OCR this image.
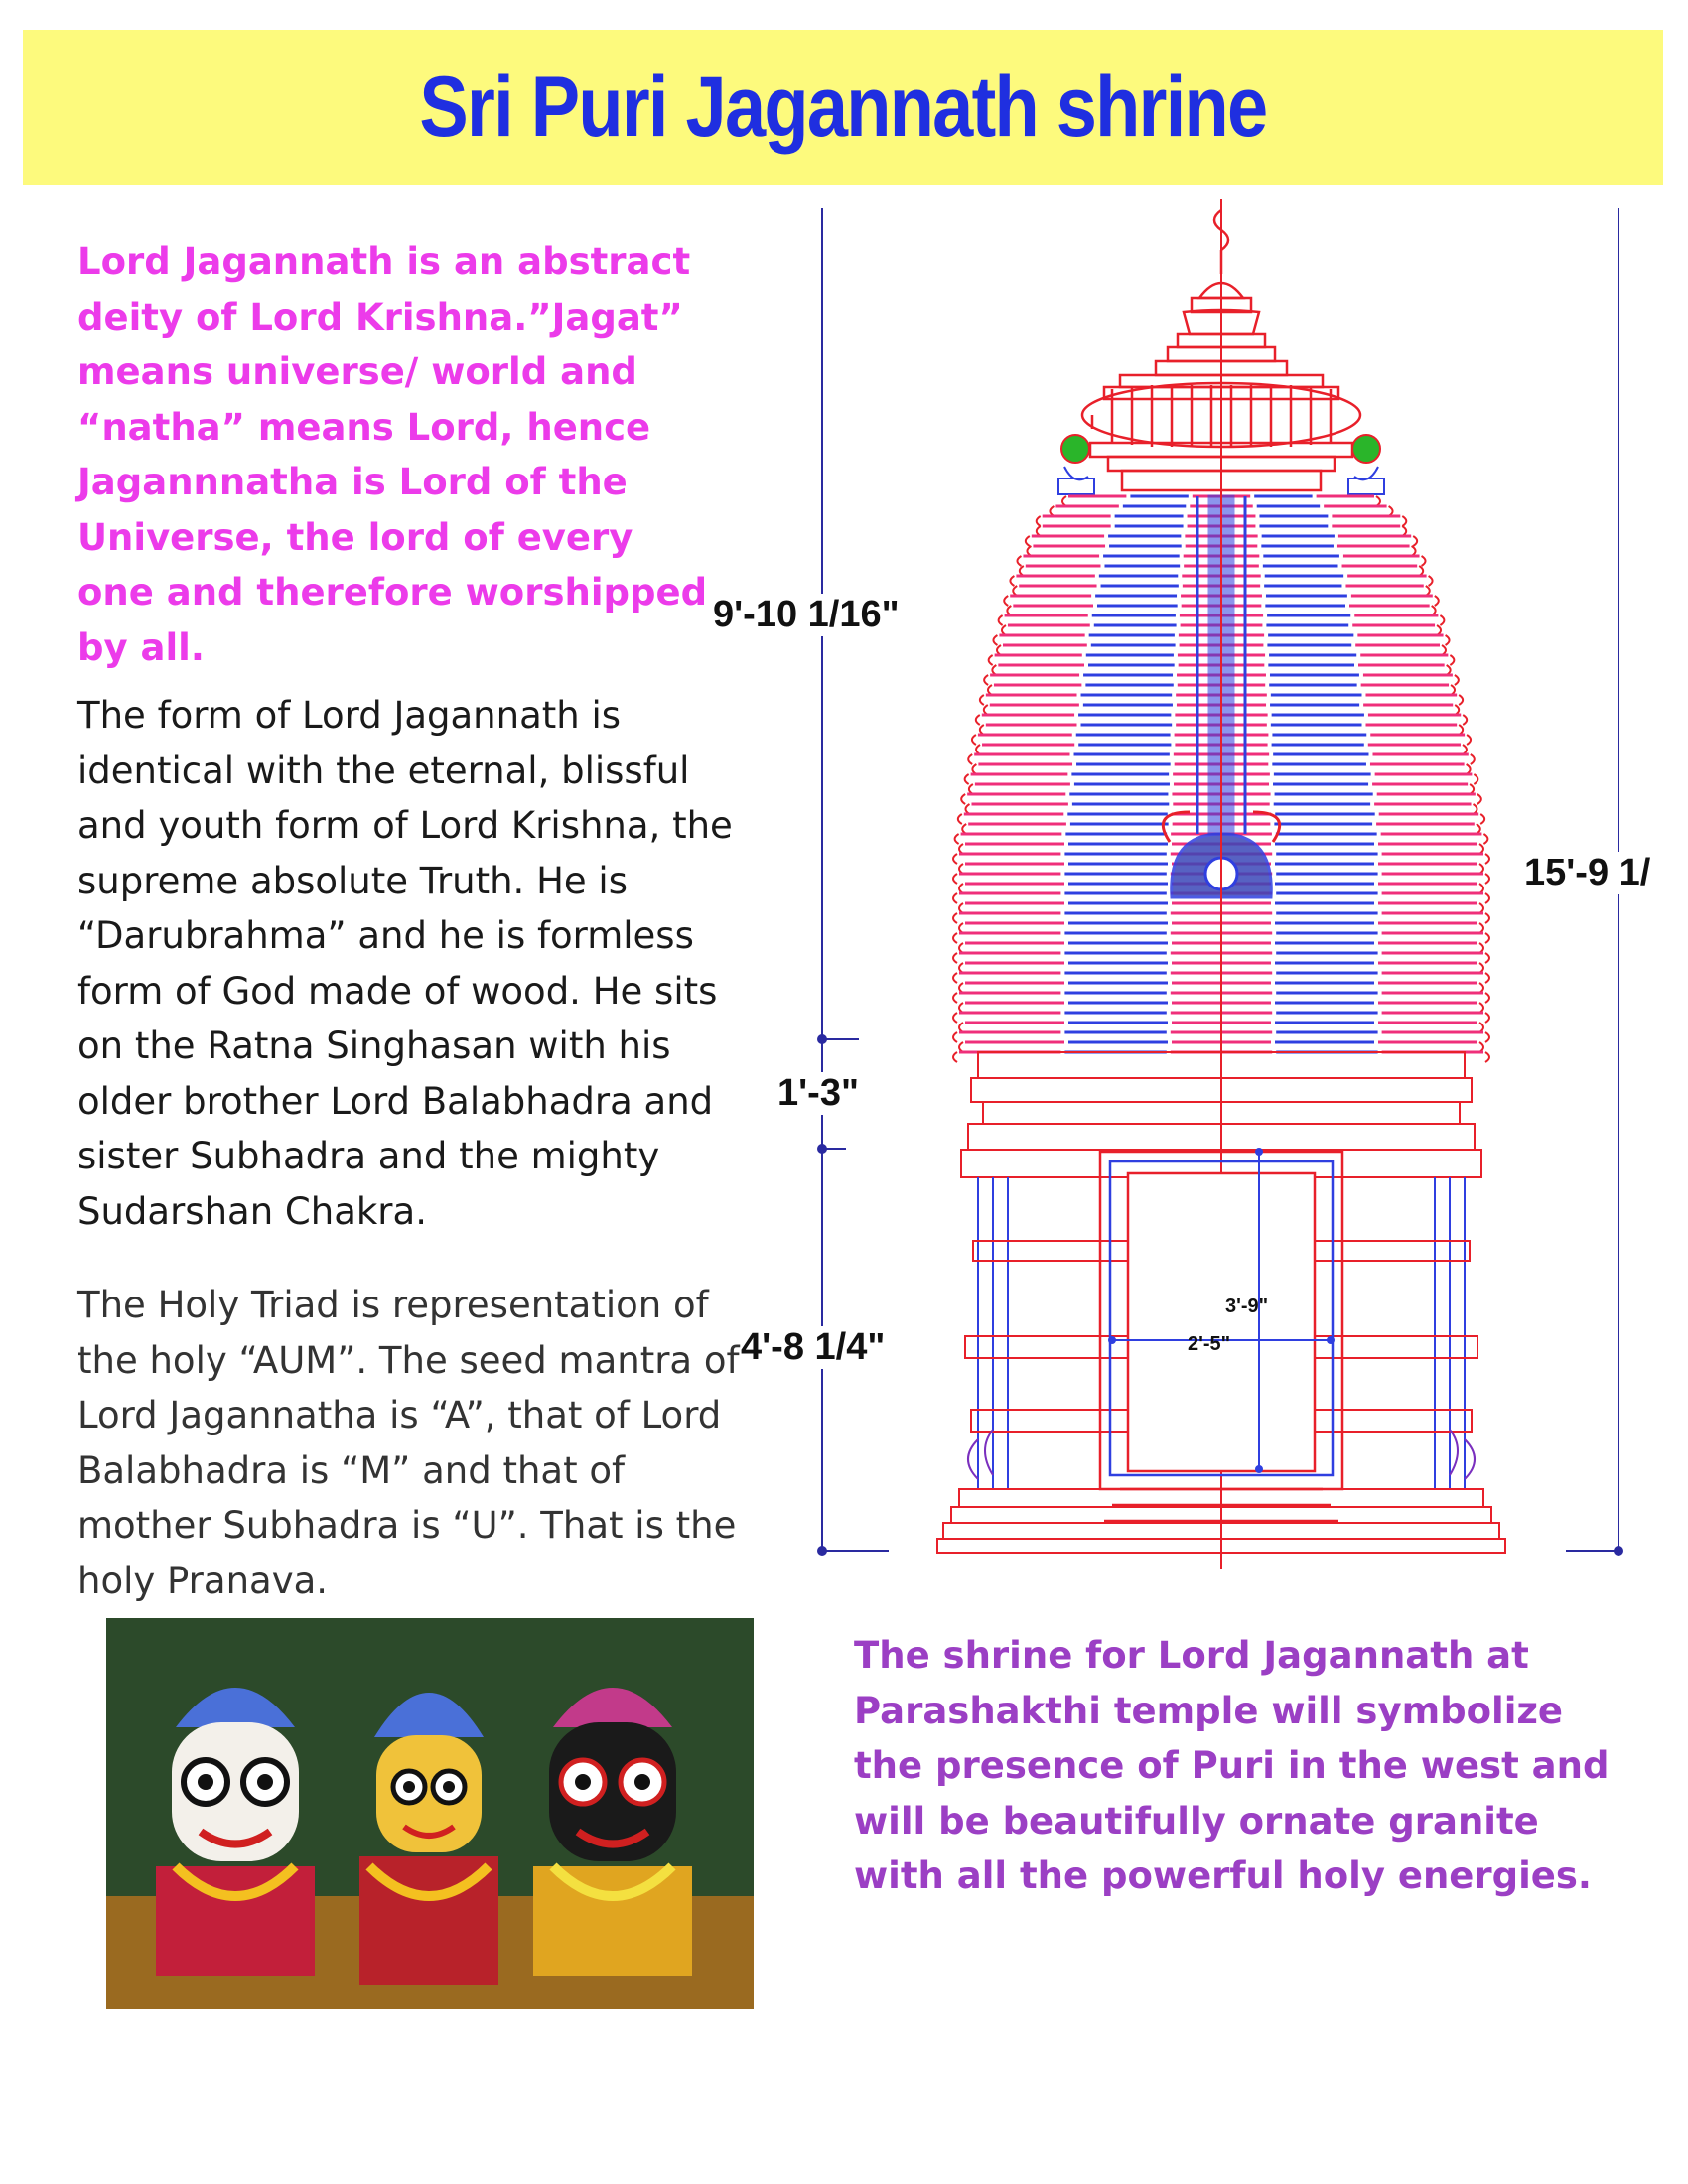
Sri Puri Jagannath shrine

Lord Jagannath is an abstract deity of Lord Krishna.”Jagat” means universe/ world and “natha” means Lord, hence Jagannnatha is Lord of the Universe, the lord of every one and therefore worshipped by all.

The form of Lord Jagannath is identical with the eternal, blissful and youth form of Lord Krishna, the supreme absolute Truth. He is “Darubrahma” and he is formless form of God made of wood. He sits on the Ratna Singhasan with his older brother Lord Balabhadra and sister Subhadra and the mighty Sudarshan Chakra.

The Holy Triad is representation of the holy “AUM”. The seed mantra of Lord Jagannatha is “A”, that of Lord Balabhadra is “M” and that of mother Subhadra is “U”. That is the holy Pranava.

The shrine for Lord Jagannath at Parashakthi temple will symbolize the presence of Puri in the west and will be beautifully ornate granite with all the powerful holy energies.

3'-9"
2'-5"
9'-10 1/16"
1'-3"
4'-8 1/4"
15'-9 1/
